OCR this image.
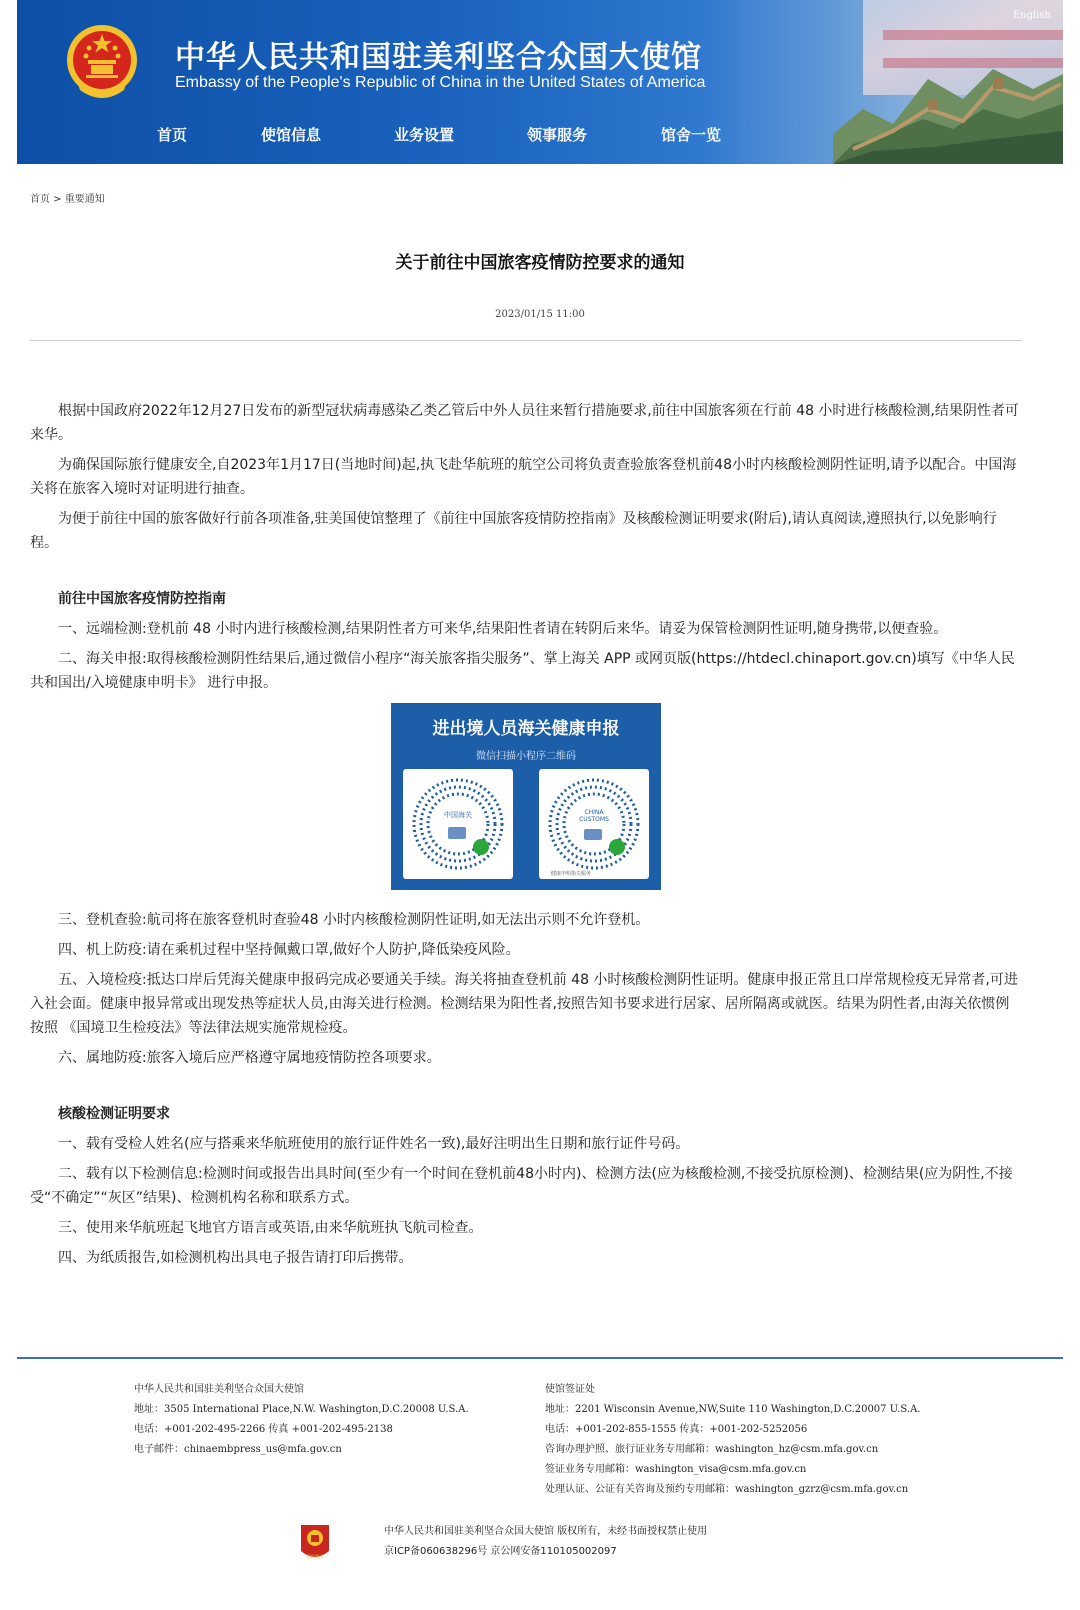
English
中华人民共和国驻美利坚合众国大使馆
Embassy of the People's Republic of China in the United States of America
首页	使馆信息	业务设置	领事服务	馆舍一览
首页 > 重要通知
关于前往中国旅客疫情防控要求的通知
2023/01/15 11:00

根据中国政府2022年12月27日发布的新型冠状病毒感染乙类乙管后中外人员往来暂行措施要求,前往中国旅客须在行前 48 小时进行核酸检测,结果阴性者可来华。

为确保国际旅行健康安全,自2023年1月17日(当地时间)起,执飞赴华航班的航空公司将负责查验旅客登机前48小时内核酸检测阴性证明,请予以配合。中国海关将在旅客入境时对证明进行抽查。

为便于前往中国的旅客做好行前各项准备,驻美国使馆整理了《前往中国旅客疫情防控指南》及核酸检测证明要求(附后),请认真阅读,遵照执行,以免影响行程。

前往中国旅客疫情防控指南

一、远端检测:登机前 48 小时内进行核酸检测,结果阴性者方可来华,结果阳性者请在转阴后来华。请妥为保管检测阴性证明,随身携带,以便查验。

二、海关申报:取得核酸检测阴性结果后,通过微信小程序“海关旅客指尖服务”、掌上海关 APP 或网页版(https://htdecl.chinaport.gov.cn)填写《中华人民共和国出/入境健康申明卡》 进行申报。

进出境人员海关健康申报
微信扫描小程序二维码
中国海关	CHINA
CUSTOMS
健康申明指尖服务

三、登机查验:航司将在旅客登机时查验48 小时内核酸检测阴性证明,如无法出示则不允许登机。

四、机上防疫:请在乘机过程中坚持佩戴口罩,做好个人防护,降低染疫风险。

五、入境检疫:抵达口岸后凭海关健康申报码完成必要通关手续。海关将抽查登机前 48 小时核酸检测阴性证明。健康申报正常且口岸常规检疫无异常者,可进入社会面。健康申报异常或出现发热等症状人员,由海关进行检测。检测结果为阳性者,按照告知书要求进行居家、居所隔离或就医。结果为阴性者,由海关依惯例按照 《国境卫生检疫法》等法律法规实施常规检疫。

六、属地防疫:旅客入境后应严格遵守属地疫情防控各项要求。

核酸检测证明要求

一、载有受检人姓名(应与搭乘来华航班使用的旅行证件姓名一致),最好注明出生日期和旅行证件号码。

二、载有以下检测信息:检测时间或报告出具时间(至少有一个时间在登机前48小时内)、检测方法(应为核酸检测,不接受抗原检测)、检测结果(应为阴性,不接受“不确定”“灰区”结果)、检测机构名称和联系方式。

三、使用来华航班起飞地官方语言或英语,由来华航班执飞航司检查。

四、为纸质报告,如检测机构出具电子报告请打印后携带。

中华人民共和国驻美利坚合众国大使馆
地址：3505 International Place,N.W. Washington,D.C.20008 U.S.A.
电话：+001-202-495-2266 传真 +001-202-495-2138
电子邮件：chinaembpress_us@mfa.gov.cn
使馆签证处
地址：2201 Wisconsin Avenue,NW,Suite 110 Washington,D.C.20007 U.S.A.
电话：+001-202-855-1555 传真：+001-202-5252056
咨询办理护照、旅行证业务专用邮箱：washington_hz@csm.mfa.gov.cn
签证业务专用邮箱：washington_visa@csm.mfa.gov.cn
处理认证、公证有关咨询及预约专用邮箱：washington_gzrz@csm.mfa.gov.cn
党政机关
中华人民共和国驻美利坚合众国大使馆 版权所有，未经书面授权禁止使用
京ICP备060638296号 京公网安备110105002097
